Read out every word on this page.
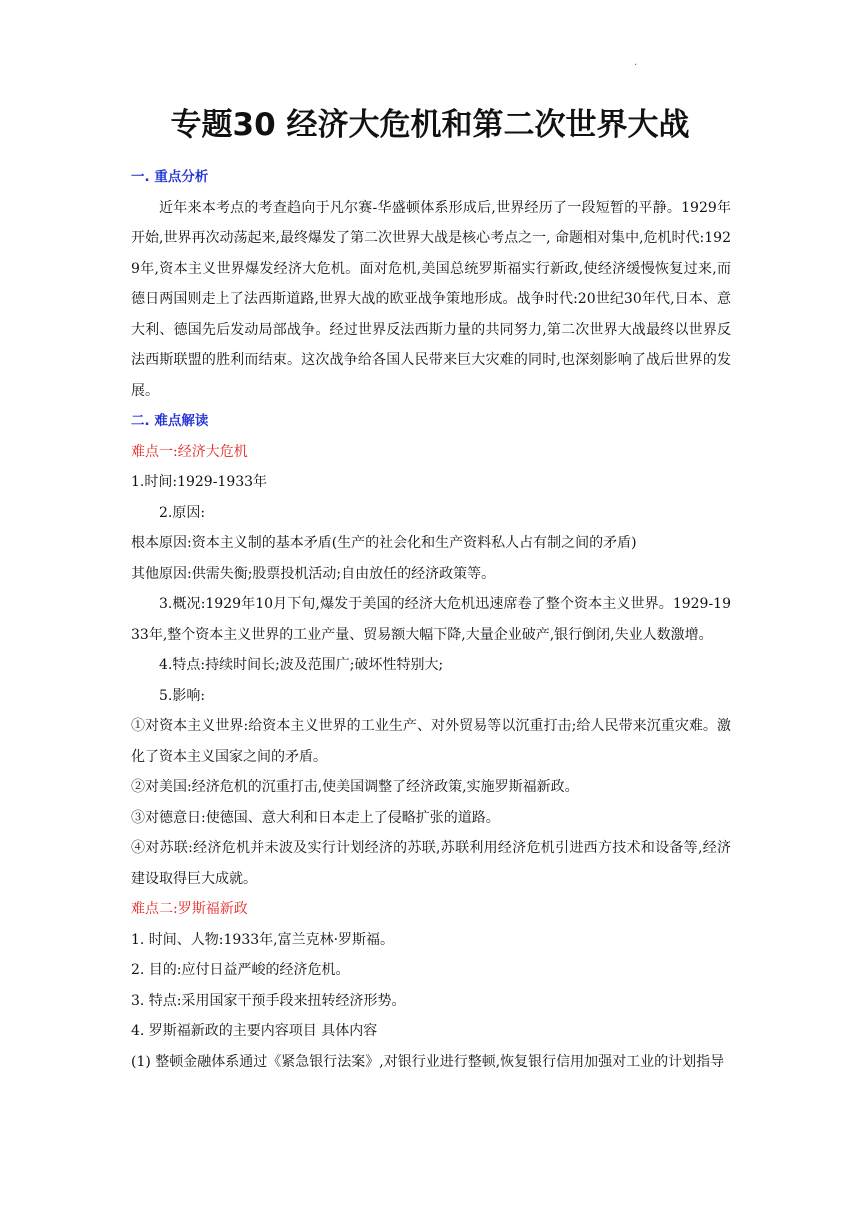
.
专题30 经济大危机和第二次世界大战
一. 重点分析

近年来本考点的考查趋向于凡尔赛-华盛顿体系形成后,世界经历了一段短暂的平静。1929年开始,世界再次动荡起来,最终爆发了第二次世界大战是核心考点之一, 命题相对集中,危机时代:1929年,资本主义世界爆发经济大危机。面对危机,美国总统罗斯福实行新政,使经济缓慢恢复过来,而德日两国则走上了法西斯道路,世界大战的欧亚战争策地形成。战争时代:20世纪30年代,日本、意大利、德国先后发动局部战争。经过世界反法西斯力量的共同努力,第二次世界大战最终以世界反法西斯联盟的胜利而结束。这次战争给各国人民带来巨大灾难的同时,也深刻影响了战后世界的发展。

二. 难点解读
难点一:经济大危机
1.时间:1929-1933年
2.原因:
根本原因:资本主义制的基本矛盾(生产的社会化和生产资料私人占有制之间的矛盾)
其他原因:供需失衡;股票投机活动;自由放任的经济政策等。

3.概况:1929年10月下旬,爆发于美国的经济大危机迅速席卷了整个资本主义世界。1929-1933年,整个资本主义世界的工业产量、贸易额大幅下降,大量企业破产,银行倒闭,失业人数激增。

4.特点:持续时间长;波及范围广;破坏性特别大;
5.影响:

①对资本主义世界:给资本主义世界的工业生产、对外贸易等以沉重打击;给人民带来沉重灾难。激化了资本主义国家之间的矛盾。

②对美国:经济危机的沉重打击,使美国调整了经济政策,实施罗斯福新政。
③对德意日:使德国、意大利和日本走上了侵略扩张的道路。

④对苏联:经济危机并未波及实行计划经济的苏联,苏联利用经济危机引进西方技术和设备等,经济建设取得巨大成就。

难点二:罗斯福新政
1. 时间、人物:1933年,富兰克林·罗斯福。
2. 目的:应付日益严峻的经济危机。
3. 特点:采用国家干预手段来扭转经济形势。
4. 罗斯福新政的主要内容项目 具体内容

(1) 整顿金融体系通过《紧急银行法案》,对银行业进行整顿,恢复银行信用加强对工业的计划指导
